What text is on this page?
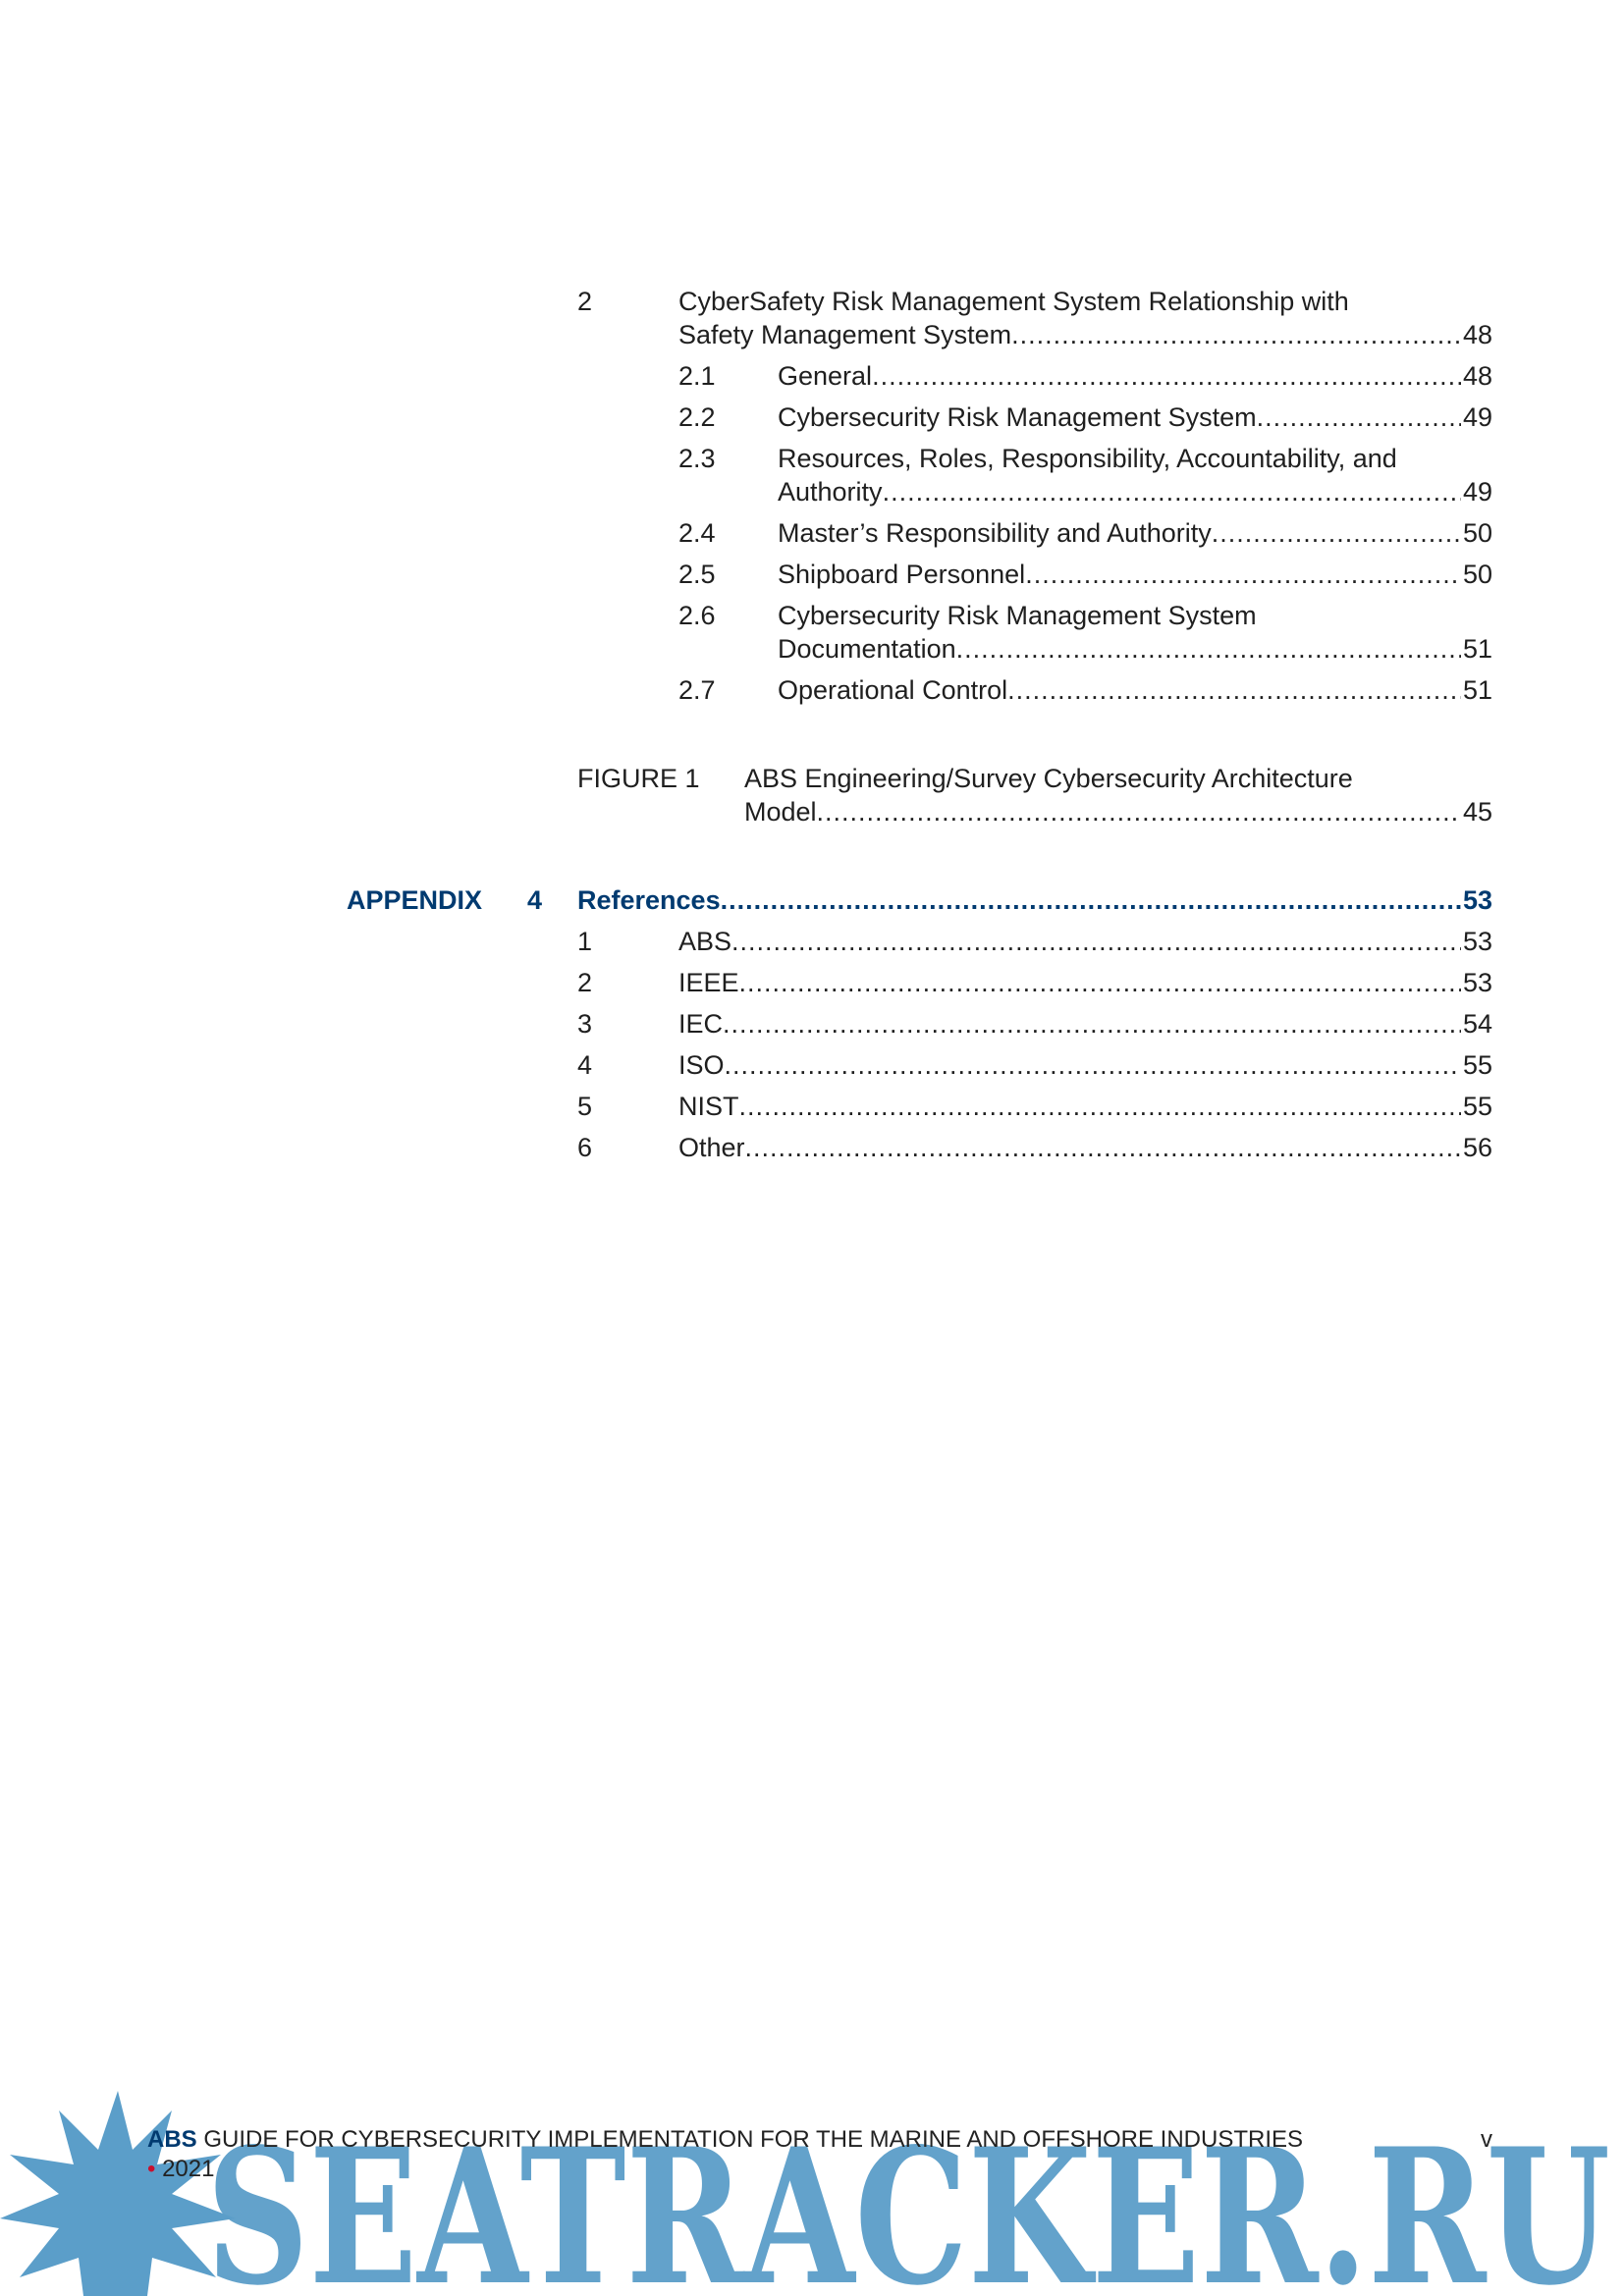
2	CyberSafety Risk Management System Relationship with
Safety Management System .....	48
2.1 General .....	48
2.2 Cybersecurity Risk Management System .....	49
2.3 Resources, Roles, Responsibility, Accountability, and
Authority .....	49
2.4 Master’s Responsibility and Authority .....	50
2.5 Shipboard Personnel .....	50
2.6 Cybersecurity Risk Management System
Documentation .....	51
2.7 Operational Control .....	51
FIGURE 1 ABS Engineering/Survey Cybersecurity Architecture
Model .....	45
APPENDIX 4 References .....	53
1	ABS .....	53
2	IEEE .....	53
3	IEC .....	54
4	ISO .....	55
5	NIST .....	55
6	Other .....	56
SEATRACKER.RU
ABS GUIDE FOR CYBERSECURITY IMPLEMENTATION FOR THE MARINE AND OFFSHORE INDUSTRIES
• 2021
v
